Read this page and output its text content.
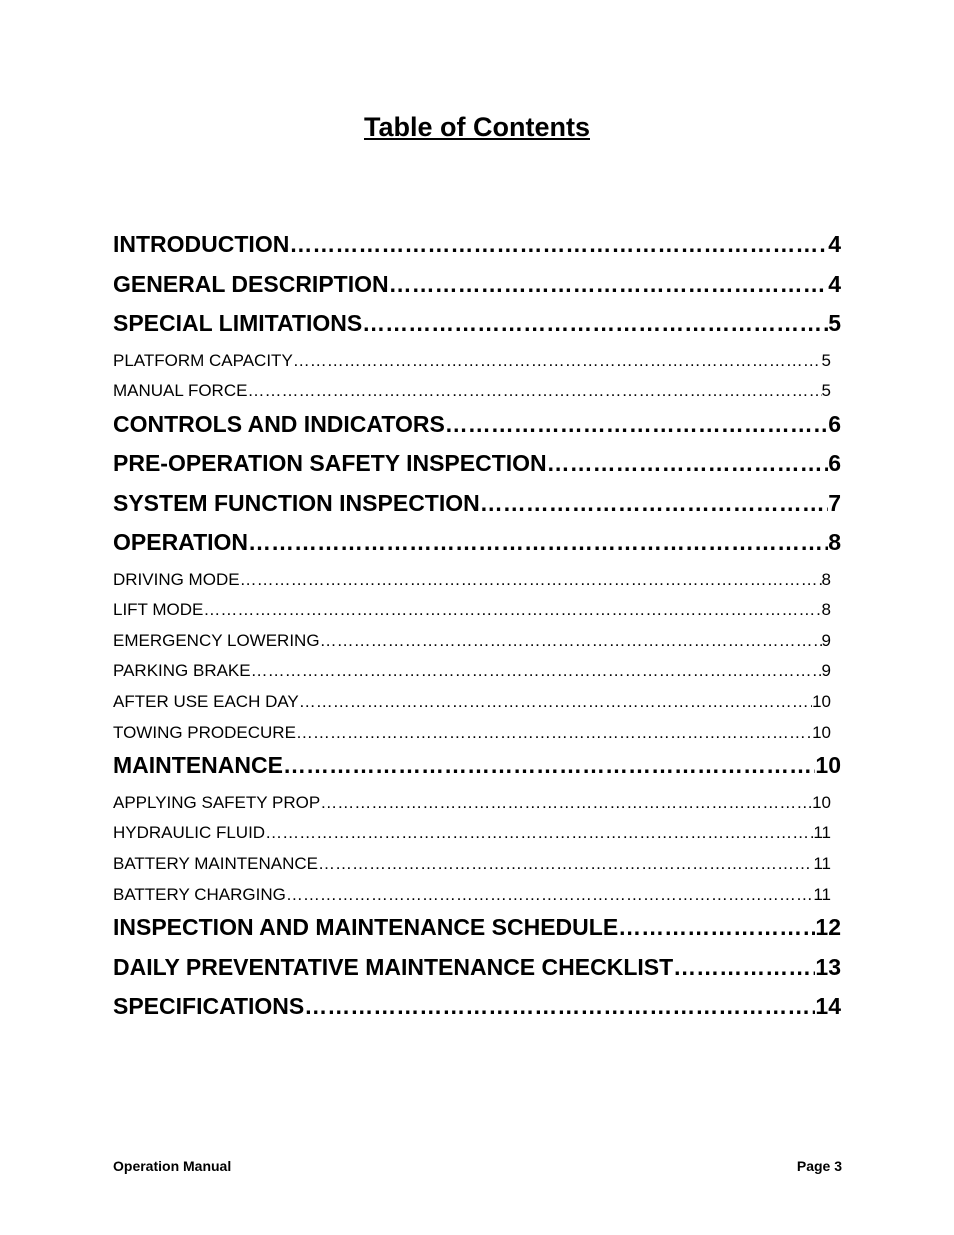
Table of Contents
INTRODUCTION …………………………………………………………………………………………………………………………………………………………………………………	4
GENERAL DESCRIPTION …………………………………………………………………………………………………………………………………………………………………………………	4
SPECIAL LIMITATIONS …………………………………………………………………………………………………………………………………………………………………………………	5
PLATFORM CAPACITY …………………………………………………………………………………………………………………………………………………………………………………	5
MANUAL FORCE …………………………………………………………………………………………………………………………………………………………………………………	5
CONTROLS AND INDICATORS …………………………………………………………………………………………………………………………………………………………………………………	6
PRE-OPERATION SAFETY INSPECTION …………………………………………………………………………………………………………………………………………………………………………………	6
SYSTEM FUNCTION INSPECTION …………………………………………………………………………………………………………………………………………………………………………………	7
OPERATION …………………………………………………………………………………………………………………………………………………………………………………	8
DRIVING MODE …………………………………………………………………………………………………………………………………………………………………………………	8
LIFT MODE …………………………………………………………………………………………………………………………………………………………………………………	8
EMERGENCY LOWERING …………………………………………………………………………………………………………………………………………………………………………………	9
PARKING BRAKE …………………………………………………………………………………………………………………………………………………………………………………	9
AFTER USE EACH DAY …………………………………………………………………………………………………………………………………………………………………………………	10
TOWING PRODECURE …………………………………………………………………………………………………………………………………………………………………………………	10
MAINTENANCE …………………………………………………………………………………………………………………………………………………………………………………	10
APPLYING SAFETY PROP …………………………………………………………………………………………………………………………………………………………………………………	10
HYDRAULIC FLUID …………………………………………………………………………………………………………………………………………………………………………………	11
BATTERY MAINTENANCE …………………………………………………………………………………………………………………………………………………………………………………	11
BATTERY CHARGING …………………………………………………………………………………………………………………………………………………………………………………	11
INSPECTION AND MAINTENANCE SCHEDULE …………………………………………………………………………………………………………………………………………………………………………………	12
DAILY PREVENTATIVE MAINTENANCE CHECKLIST …………………………………………………………………………………………………………………………………………………………………………………	13
SPECIFICATIONS …………………………………………………………………………………………………………………………………………………………………………………	14
Operation Manual	Page 3
